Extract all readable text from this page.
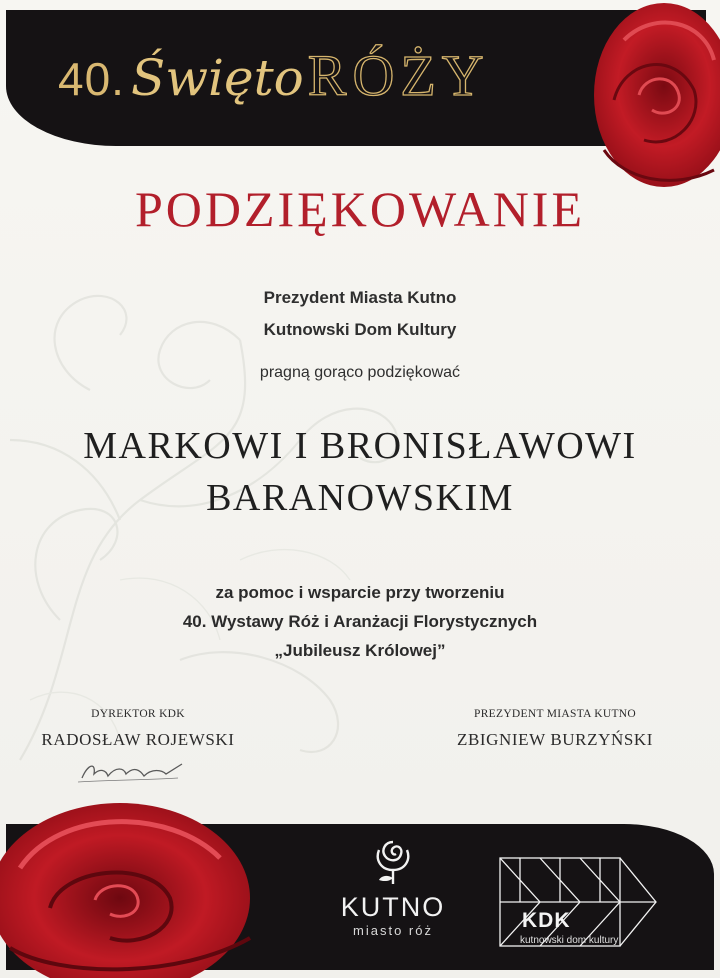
40. Święto RÓŻY
PODZIĘKOWANIE
Prezydent Miasta Kutno
Kutnowski Dom Kultury
pragną gorąco podziękować
MARKOWI I BRONISŁAWOWI
BARANOWSKIM
za pomoc i wsparcie przy tworzeniu
40. Wystawy Róż i Aranżacji Florystycznych
„Jubileusz Królowej”
DYREKTOR KDK
RADOSŁAW ROJEWSKI
PREZYDENT MIASTA KUTNO
ZBIGNIEW BURZYŃSKI
KUTNO
miasto róż	KDK
kutnowski dom kultury
